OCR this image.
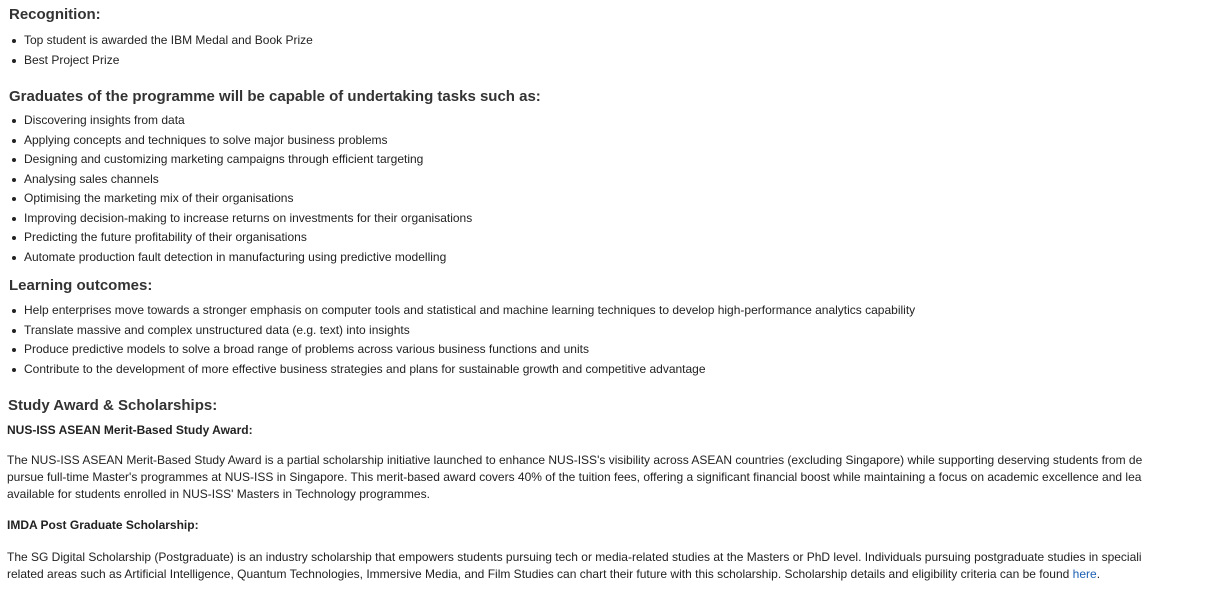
Recognition:
Top student is awarded the IBM Medal and Book Prize
Best Project Prize
Graduates of the programme will be capable of undertaking tasks such as:
Discovering insights from data
Applying concepts and techniques to solve major business problems
Designing and customizing marketing campaigns through efficient targeting
Analysing sales channels
Optimising the marketing mix of their organisations
Improving decision-making to increase returns on investments for their organisations
Predicting the future profitability of their organisations
Automate production fault detection in manufacturing using predictive modelling
Learning outcomes:
Help enterprises move towards a stronger emphasis on computer tools and statistical and machine learning techniques to develop high-performance analytics capability
Translate massive and complex unstructured data (e.g. text) into insights
Produce predictive models to solve a broad range of problems across various business functions and units
Contribute to the development of more effective business strategies and plans for sustainable growth and competitive advantage
Study Award & Scholarships:
NUS-ISS ASEAN Merit-Based Study Award:

The NUS-ISS ASEAN Merit-Based Study Award is a partial scholarship initiative launched to enhance NUS-ISS's visibility across ASEAN countries (excluding Singapore) while supporting deserving students from de
pursue full-time Master's programmes at NUS-ISS in Singapore. This merit-based award covers 40% of the tuition fees, offering a significant financial boost while maintaining a focus on academic excellence and lea
available for students enrolled in NUS-ISS' Masters in Technology programmes.

IMDA Post Graduate Scholarship:

The SG Digital Scholarship (Postgraduate) is an industry scholarship that empowers students pursuing tech or media-related studies at the Masters or PhD level. Individuals pursuing postgraduate studies in speciali
related areas such as Artificial Intelligence, Quantum Technologies, Immersive Media, and Film Studies can chart their future with this scholarship. Scholarship details and eligibility criteria can be found here.
